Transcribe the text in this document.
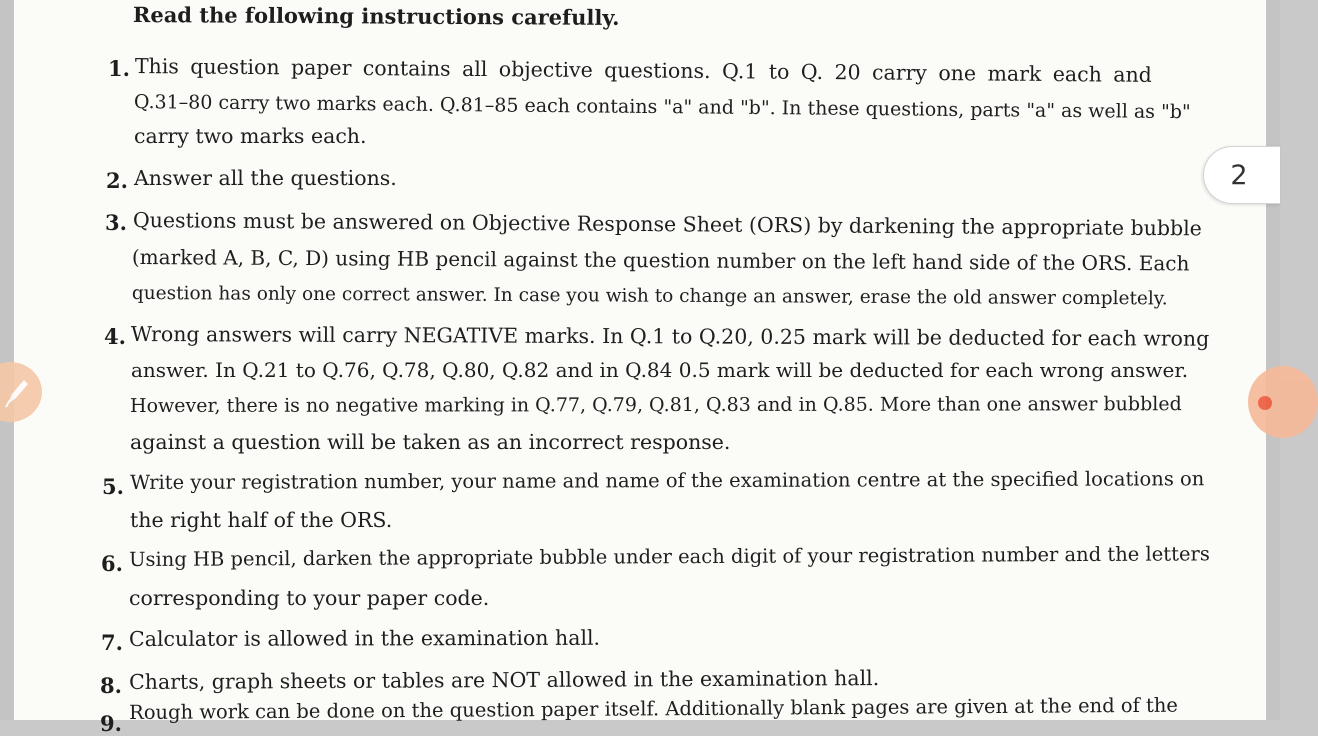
Read the following instructions carefully.
1. This question paper contains all objective questions. Q.1 to Q. 20 carry one mark each and
Q.31–80 carry two marks each. Q.81–85 each contains "a" and "b". In these questions, parts "a" as well as "b"
carry two marks each.
2. Answer all the questions.
3. Questions must be answered on Objective Response Sheet (ORS) by darkening the appropriate bubble
(marked A, B, C, D) using HB pencil against the question number on the left hand side of the ORS. Each
question has only one correct answer. In case you wish to change an answer, erase the old answer completely.
4. Wrong answers will carry NEGATIVE marks. In Q.1 to Q.20, 0.25 mark will be deducted for each wrong
answer. In Q.21 to Q.76, Q.78, Q.80, Q.82 and in Q.84 0.5 mark will be deducted for each wrong answer.
However, there is no negative marking in Q.77, Q.79, Q.81, Q.83 and in Q.85. More than one answer bubbled
against a question will be taken as an incorrect response.
5. Write your registration number, your name and name of the examination centre at the specified locations on
the right half of the ORS.
6. Using HB pencil, darken the appropriate bubble under each digit of your registration number and the letters
corresponding to your paper code.
7. Calculator is allowed in the examination hall.
8. Charts, graph sheets or tables are NOT allowed in the examination hall.
9. Rough work can be done on the question paper itself. Additionally blank pages are given at the end of the
2
